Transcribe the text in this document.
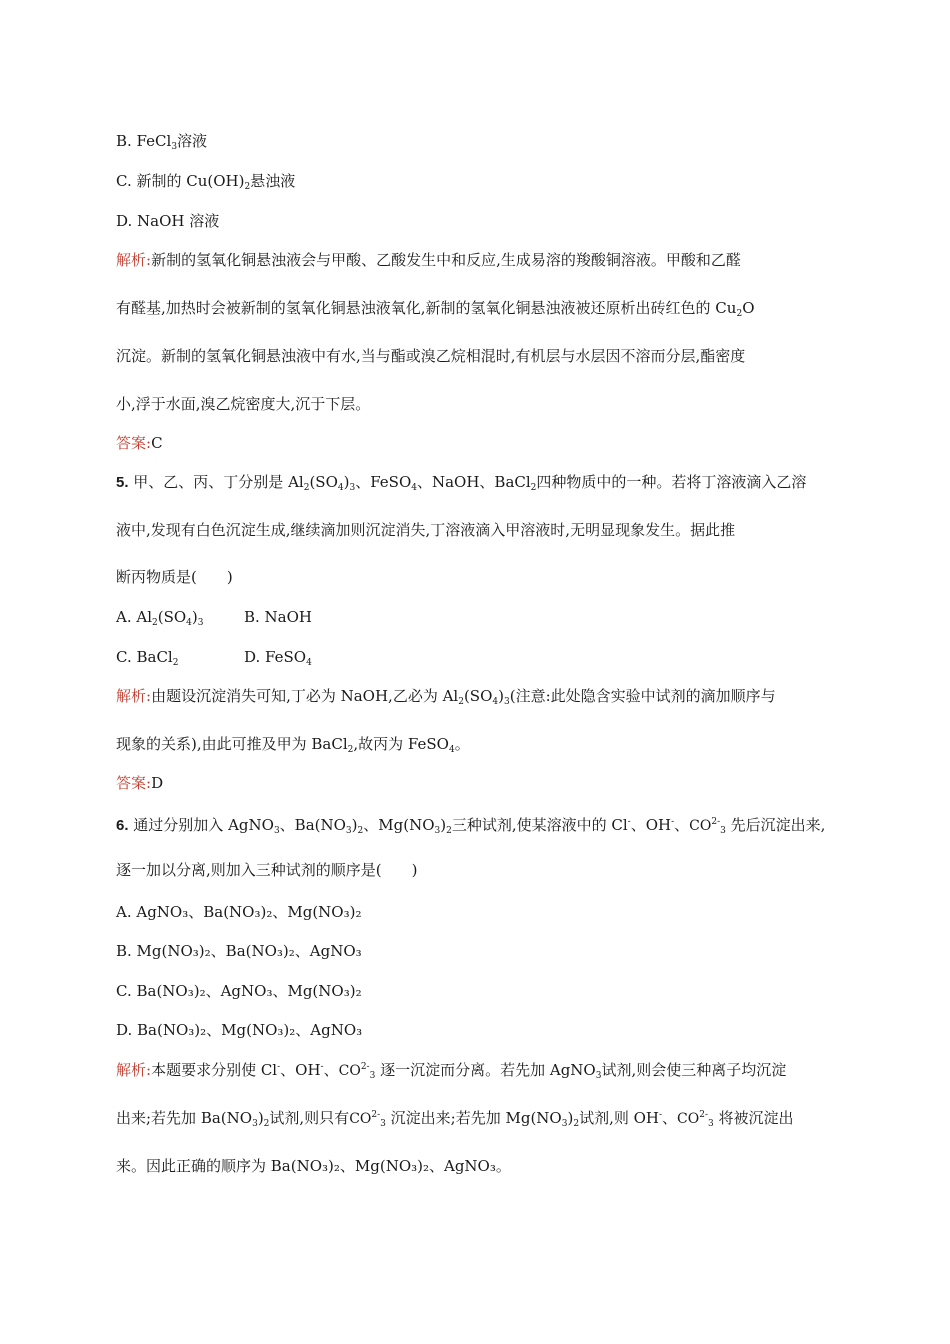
B. FeCl$_3$溶液
C. 新制的 $Cu(OH)_2$悬浊液
D. NaOH 溶液
解析:新制的氢氧化铜悬浊液会与甲酸、乙酸发生中和反应,生成易溶的羧酸铜溶液。甲酸和乙醛
有醛基,加热时会被新制的氢氧化铜悬浊液氧化,新制的氢氧化铜悬浊液被还原析出砖红色的 $Cu_2O$
沉淀。新制的氢氧化铜悬浊液中有水,当与酯或溴乙烷相混时,有机层与水层因不溶而分层,酯密度
小,浮于水面,溴乙烷密度大,沉于下层。
答案:C
5. 甲、乙、丙、丁分别是 $Al_2(SO_4)_3$、FeSO$_4$、NaOH、BaCl$_2$四种物质中的一种。若将丁溶液滴入乙溶
液中,发现有白色沉淀生成,继续滴加则沉淀消失,丁溶液滴入甲溶液时,无明显现象发生。据此推
断丙物质是(　　)
A. $Al_2(SO_4)_3$	B. NaOH
C. BaCl$_2$	D. FeSO$_4$
解析:由题设沉淀消失可知,丁必为 NaOH,乙必为 $Al_2(SO_4)_3$(注意:此处隐含实验中试剂的滴加顺序与
现象的关系),由此可推及甲为 BaCl$_2$,故丙为 FeSO$_4$。
答案:D
6. 通过分别加入 AgNO$_3$、$Ba(NO_3)_2$、$Mg(NO_3)_2$三种试剂,使某溶液中的 Cl-、OH-、$CO^{2-}_3$ 先后沉淀出来,
逐一加以分离,则加入三种试剂的顺序是(　　)
A. AgNO₃、Ba(NO₃)₂、Mg(NO₃)₂
B. Mg(NO₃)₂、Ba(NO₃)₂、AgNO₃
C. Ba(NO₃)₂、AgNO₃、Mg(NO₃)₂
D. Ba(NO₃)₂、Mg(NO₃)₂、AgNO₃
解析:本题要求分别使 Cl-、OH-、$CO^{2-}_3$ 逐一沉淀而分离。若先加 AgNO$_3$试剂,则会使三种离子均沉淀
出来;若先加 $Ba(NO_3)_2$试剂,则只有$CO^{2-}_3$ 沉淀出来;若先加 $Mg(NO_3)_2$试剂,则 OH-、$CO^{2-}_3$ 将被沉淀出
来。因此正确的顺序为 Ba(NO₃)₂、Mg(NO₃)₂、AgNO₃。
